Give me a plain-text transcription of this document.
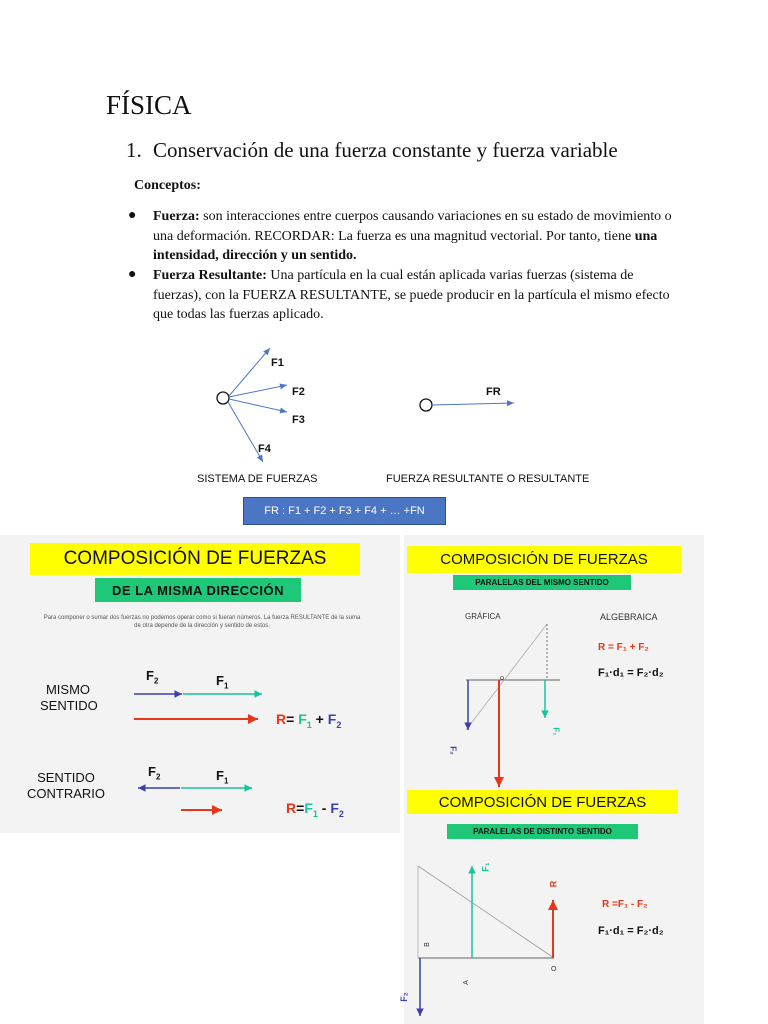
FÍSICA
1. Conservación de una fuerza constante y fuerza variable
Conceptos:
● Fuerza: son interacciones entre cuerpos causando variaciones en su estado de movimiento o una deformación. RECORDAR: La fuerza es una magnitud vectorial. Por tanto, tiene una intensidad, dirección y un sentido.
● Fuerza Resultante: Una partícula en la cual están aplicada varias fuerzas (sistema de fuerzas), con la FUERZA RESULTANTE, se puede producir en la partícula el mismo efecto que todas las fuerzas aplicado.
F1
F2
F3
F4
FR
SISTEMA DE FUERZAS	FUERZA RESULTANTE O RESULTANTE
FR : F1 + F2 + F3 + F4 + … +FN
COMPOSICIÓN DE FUERZAS
DE LA MISMA DIRECCIÓN
Para componer o sumar dos fuerzas no podemos operar como si fueran números. La fuerza RESULTANTE de la suma de otra depende de la dirección y sentido de estos.
MISMO
SENTIDO
SENTIDO
CONTRARIO
$F_2$	$F_1$
$R= F_1 + F_2$
$F_2$	$F_1$
$R=F_1 - F_2$
COMPOSICIÓN DE FUERZAS
PARALELAS DEL MISMO SENTIDO
GRÁFICA	ALGEBRAICA
R = F₁ + F₂
F₁·d₁ = F₂·d₂
F₂
F₁
COMPOSICIÓN DE FUERZAS
PARALELAS DE DISTINTO SENTIDO
R =F₁ - F₂
F₁·d₁ = F₂·d₂
F₂
F₁
R
A
B
O
